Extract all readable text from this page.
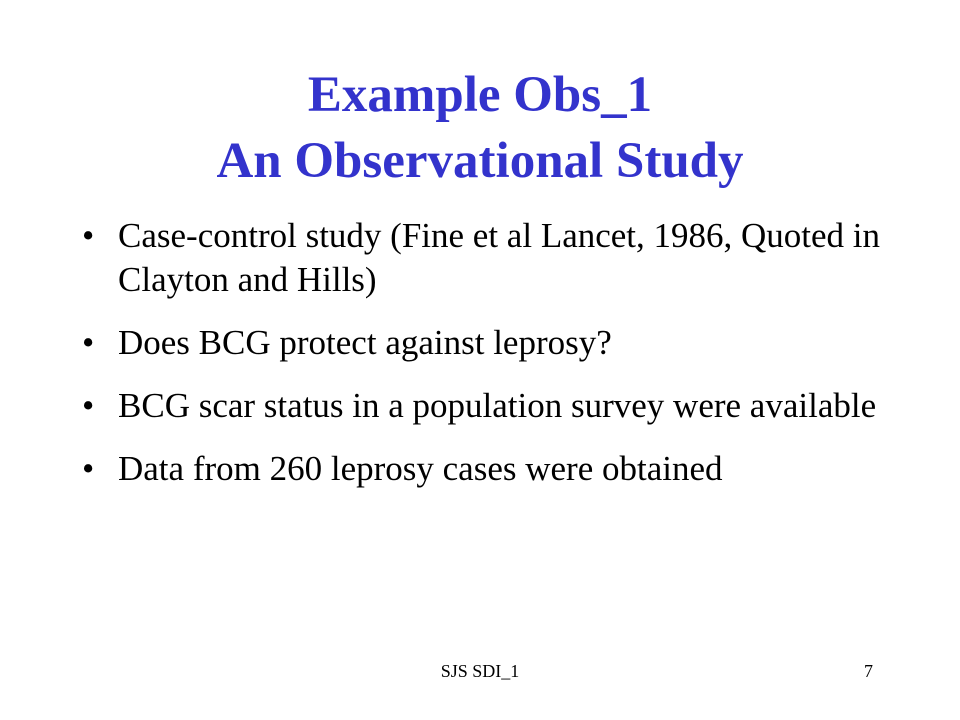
Example Obs_1
An Observational Study
• Case-control study (Fine et al Lancet, 1986, Quoted in Clayton and Hills)
• Does BCG protect against leprosy?
• BCG scar status in a population survey were available
• Data from 260 leprosy cases were obtained
SJS SDI_1	7
